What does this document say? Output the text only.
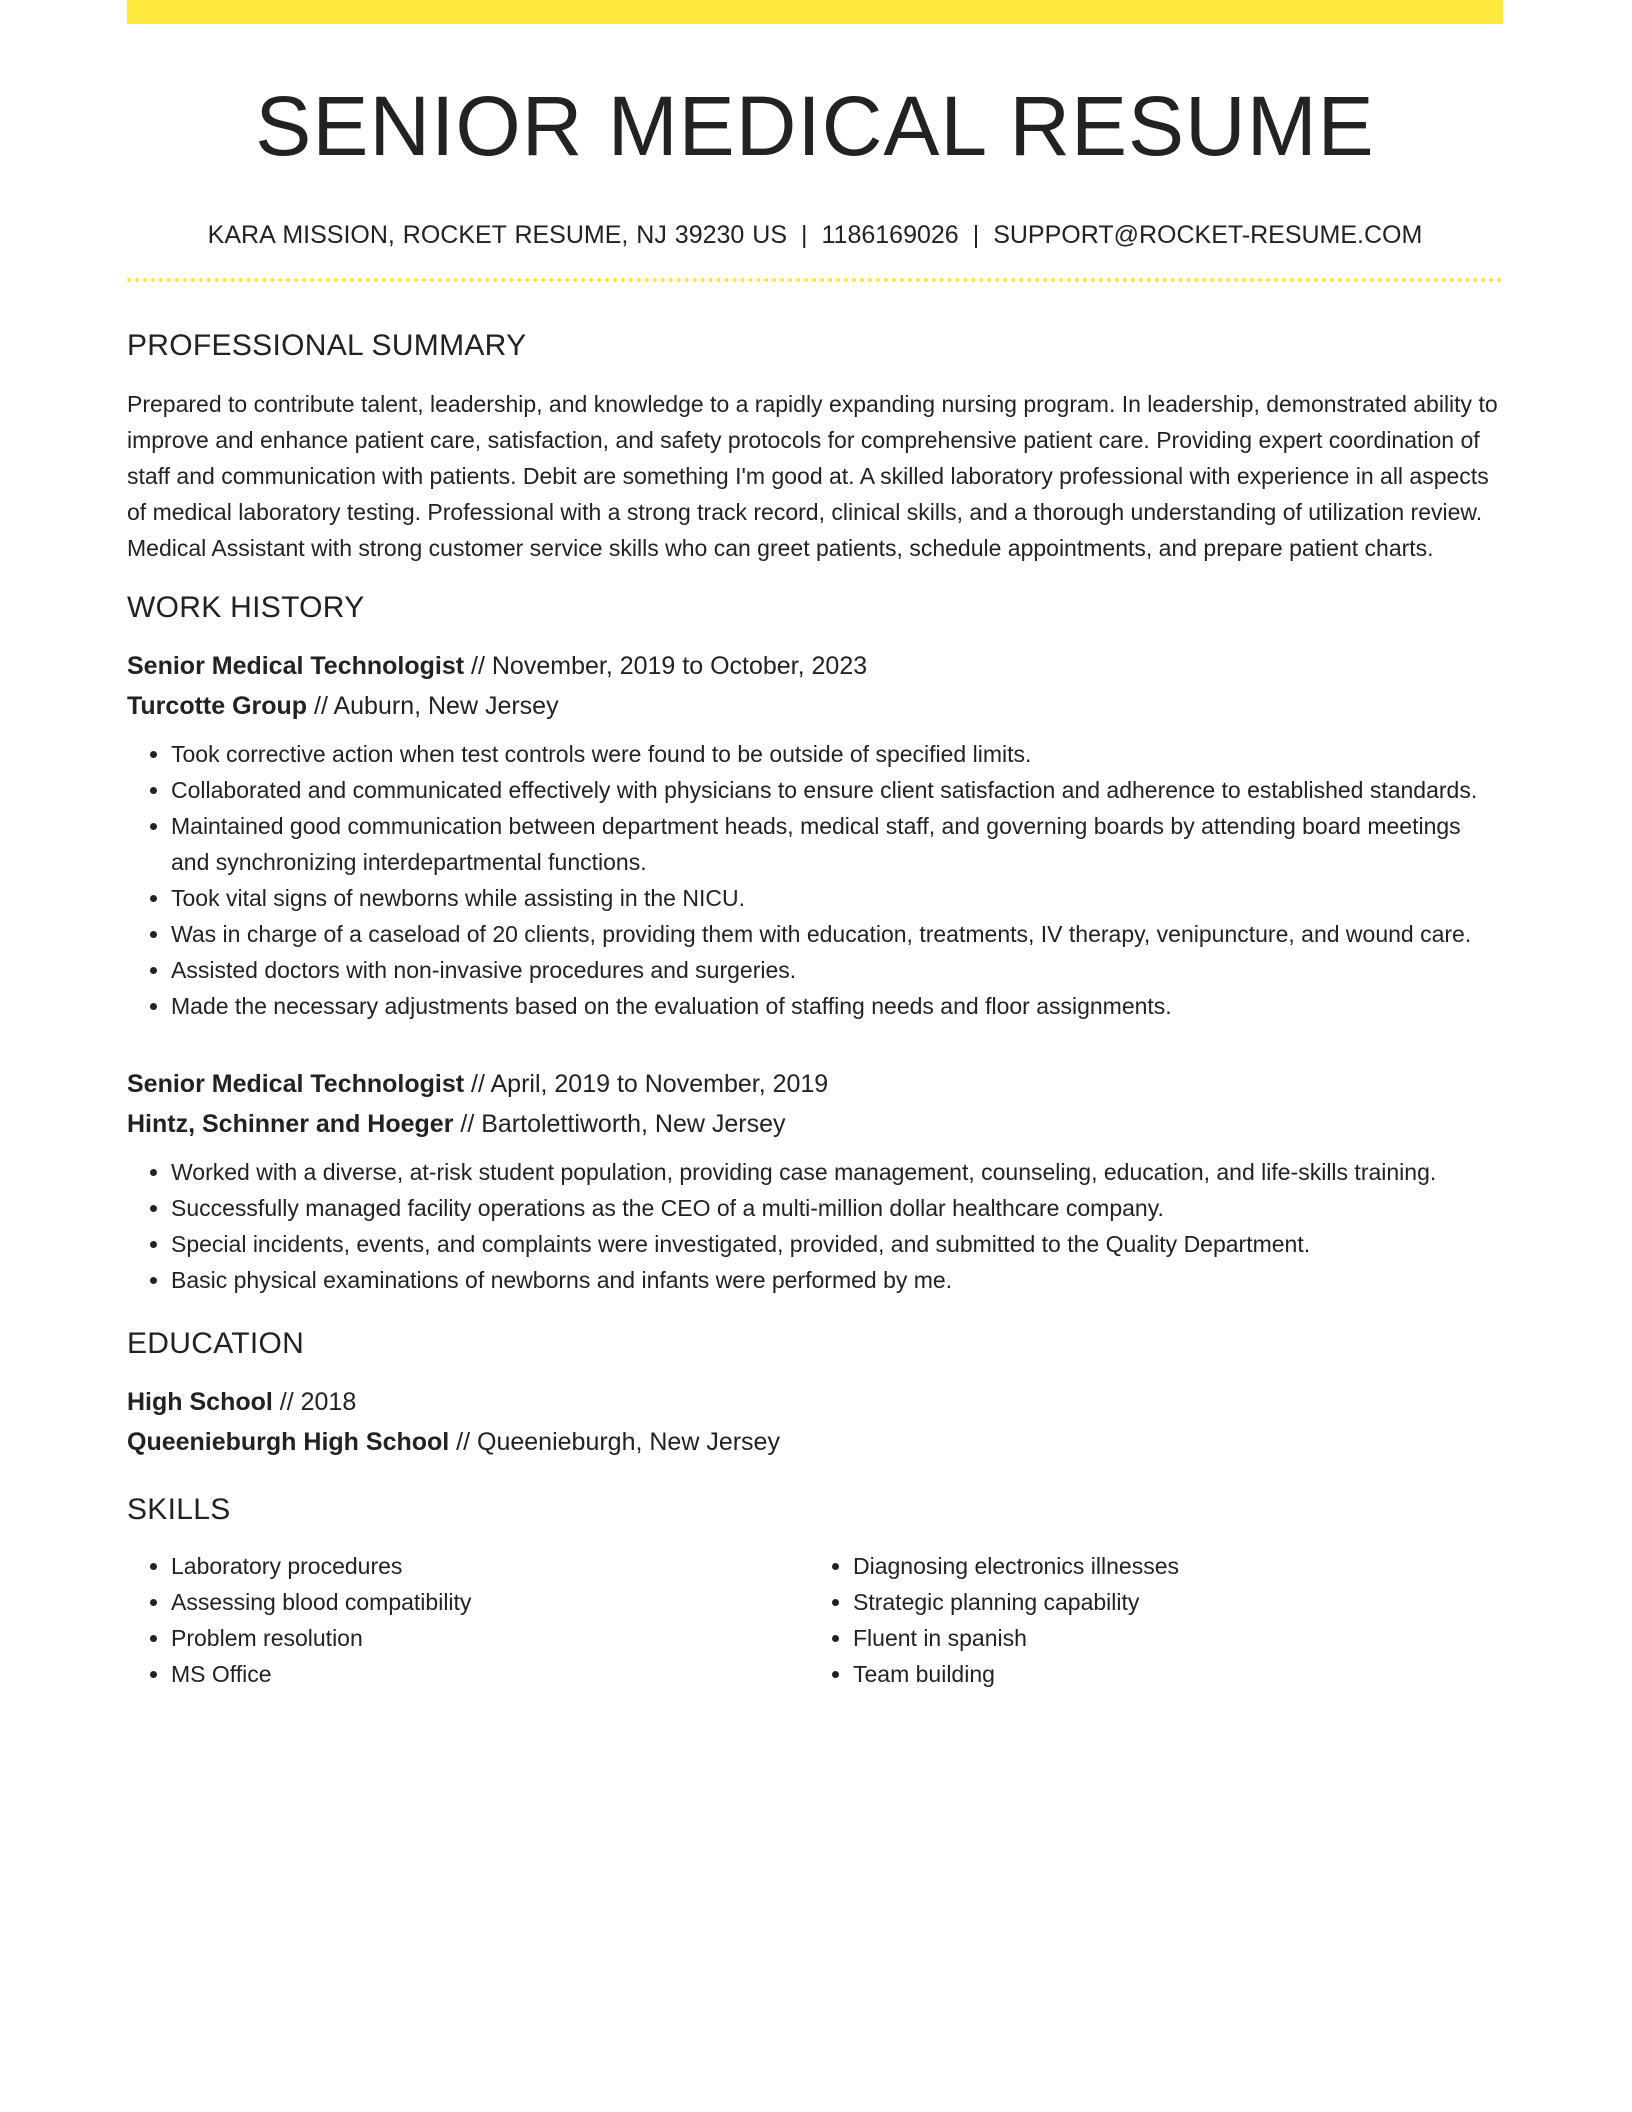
SENIOR MEDICAL RESUME
KARA MISSION, ROCKET RESUME, NJ 39230 US | 1186169026 | SUPPORT@ROCKET-RESUME.COM
PROFESSIONAL SUMMARY

Prepared to contribute talent, leadership, and knowledge to a rapidly expanding nursing program. In leadership, demonstrated ability to improve and enhance patient care, satisfaction, and safety protocols for comprehensive patient care. Providing expert coordination of staff and communication with patients. Debit are something I'm good at. A skilled laboratory professional with experience in all aspects of medical laboratory testing. Professional with a strong track record, clinical skills, and a thorough understanding of utilization review. Medical Assistant with strong customer service skills who can greet patients, schedule appointments, and prepare patient charts.

WORK HISTORY
Senior Medical Technologist // November, 2019 to October, 2023
Turcotte Group // Auburn, New Jersey
• Took corrective action when test controls were found to be outside of specified limits.
• Collaborated and communicated effectively with physicians to ensure client satisfaction and adherence to established standards.
• Maintained good communication between department heads, medical staff, and governing boards by attending board meetings and synchronizing interdepartmental functions.
• Took vital signs of newborns while assisting in the NICU.
• Was in charge of a caseload of 20 clients, providing them with education, treatments, IV therapy, venipuncture, and wound care.
• Assisted doctors with non-invasive procedures and surgeries.
• Made the necessary adjustments based on the evaluation of staffing needs and floor assignments.
Senior Medical Technologist // April, 2019 to November, 2019
Hintz, Schinner and Hoeger // Bartolettiworth, New Jersey
• Worked with a diverse, at-risk student population, providing case management, counseling, education, and life-skills training.
• Successfully managed facility operations as the CEO of a multi-million dollar healthcare company.
• Special incidents, events, and complaints were investigated, provided, and submitted to the Quality Department.
• Basic physical examinations of newborns and infants were performed by me.
EDUCATION
High School // 2018
Queenieburgh High School // Queenieburgh, New Jersey
SKILLS
• Laboratory procedures
• Assessing blood compatibility
• Problem resolution
• MS Office
• Diagnosing electronics illnesses
• Strategic planning capability
• Fluent in spanish
• Team building
